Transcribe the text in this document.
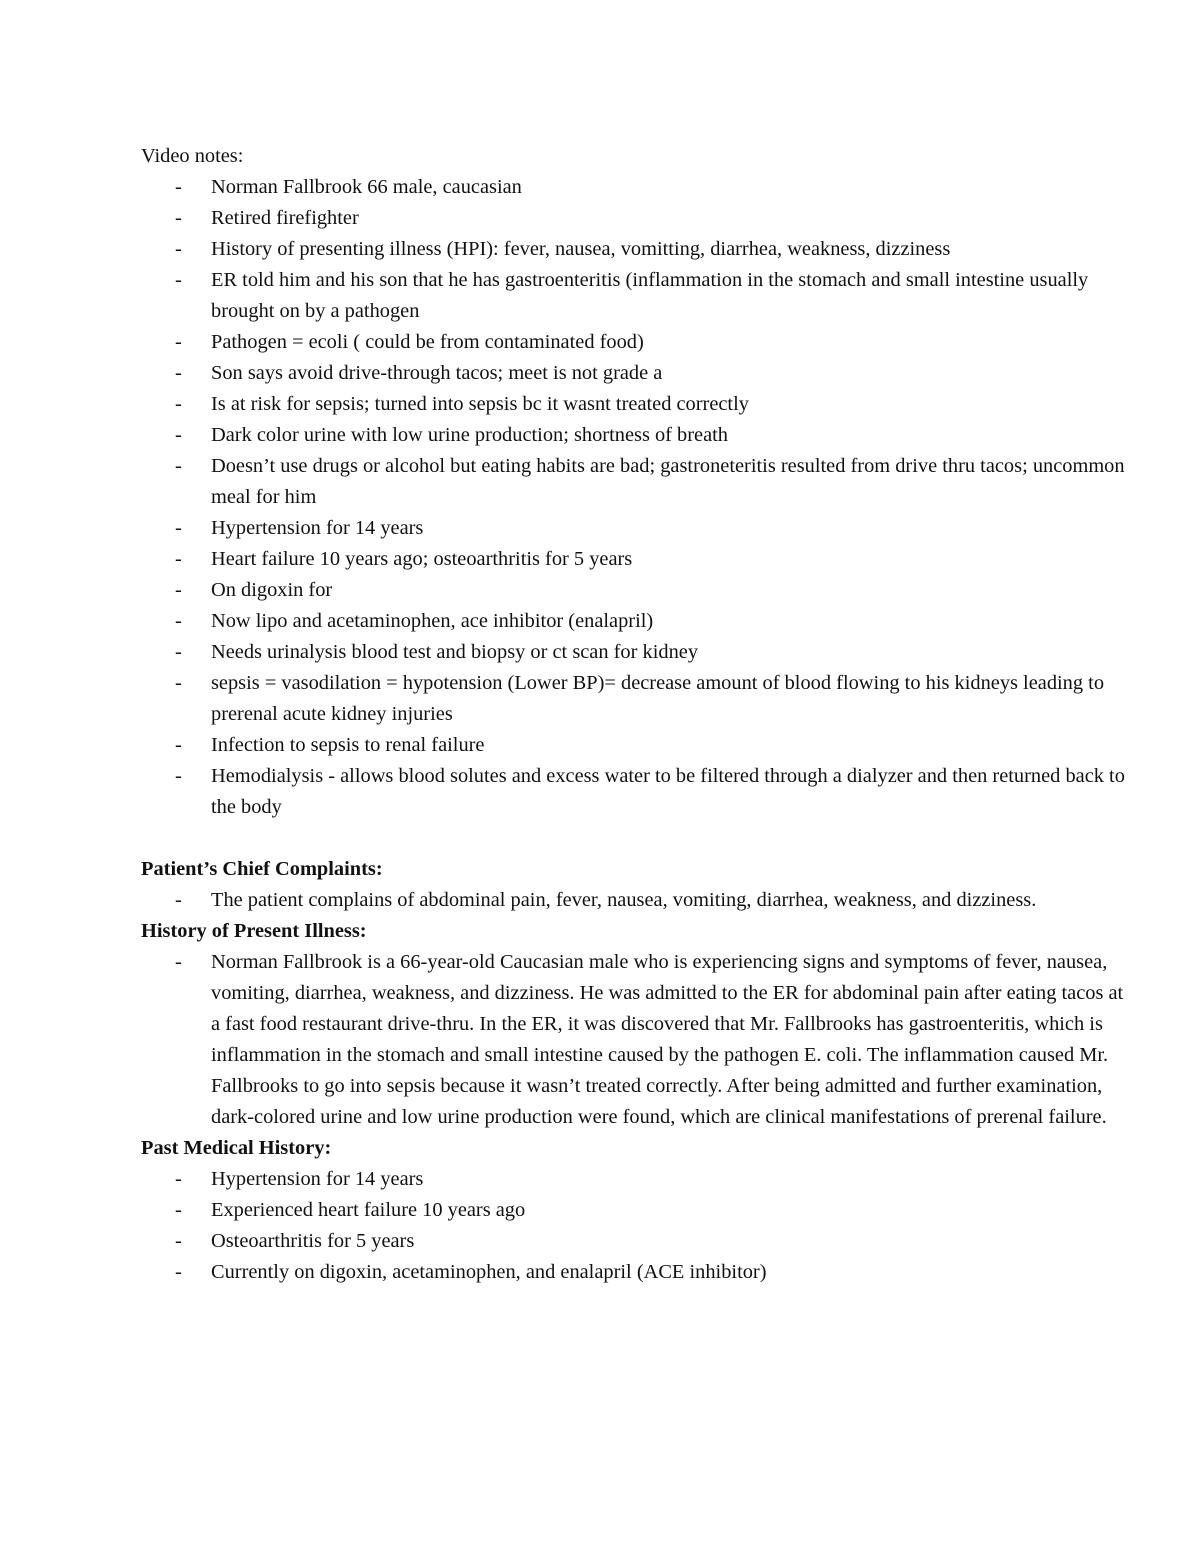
Video notes:

- Norman Fallbrook 66 male, caucasian
- Retired firefighter
- History of presenting illness (HPI): fever, nausea, vomitting, diarrhea, weakness, dizziness
- ER told him and his son that he has gastroenteritis (inflammation in the stomach and small intestine usually brought on by a pathogen
- Pathogen = ecoli ( could be from contaminated food)
- Son says avoid drive-through tacos; meet is not grade a
- Is at risk for sepsis; turned into sepsis bc it wasnt treated correctly
- Dark color urine with low urine production; shortness of breath
- Doesn’t use drugs or alcohol but eating habits are bad; gastroneteritis resulted from drive thru tacos; uncommon meal for him
- Hypertension for 14 years
- Heart failure 10 years ago; osteoarthritis for 5 years
- On digoxin for
- Now lipo and acetaminophen, ace inhibitor (enalapril)
- Needs urinalysis blood test and biopsy or ct scan for kidney
- sepsis = vasodilation = hypotension (Lower BP)= decrease amount of blood flowing to his kidneys leading to prerenal acute kidney injuries
- Infection to sepsis to renal failure
- Hemodialysis - allows blood solutes and excess water to be filtered through a dialyzer and then returned back to the body

Patient’s Chief Complaints:

- The patient complains of abdominal pain, fever, nausea, vomiting, diarrhea, weakness, and dizziness.

History of Present Illness:

- Norman Fallbrook is a 66-year-old Caucasian male who is experiencing signs and symptoms of fever, nausea, vomiting, diarrhea, weakness, and dizziness. He was admitted to the ER for abdominal pain after eating tacos at a fast food restaurant drive-thru. In the ER, it was discovered that Mr. Fallbrooks has gastroenteritis, which is inflammation in the stomach and small intestine caused by the pathogen E. coli. The inflammation caused Mr. Fallbrooks to go into sepsis because it wasn’t treated correctly. After being admitted and further examination, dark-colored urine and low urine production were found, which are clinical manifestations of prerenal failure.

Past Medical History:

- Hypertension for 14 years
- Experienced heart failure 10 years ago
- Osteoarthritis for 5 years
- Currently on digoxin, acetaminophen, and enalapril (ACE inhibitor)
